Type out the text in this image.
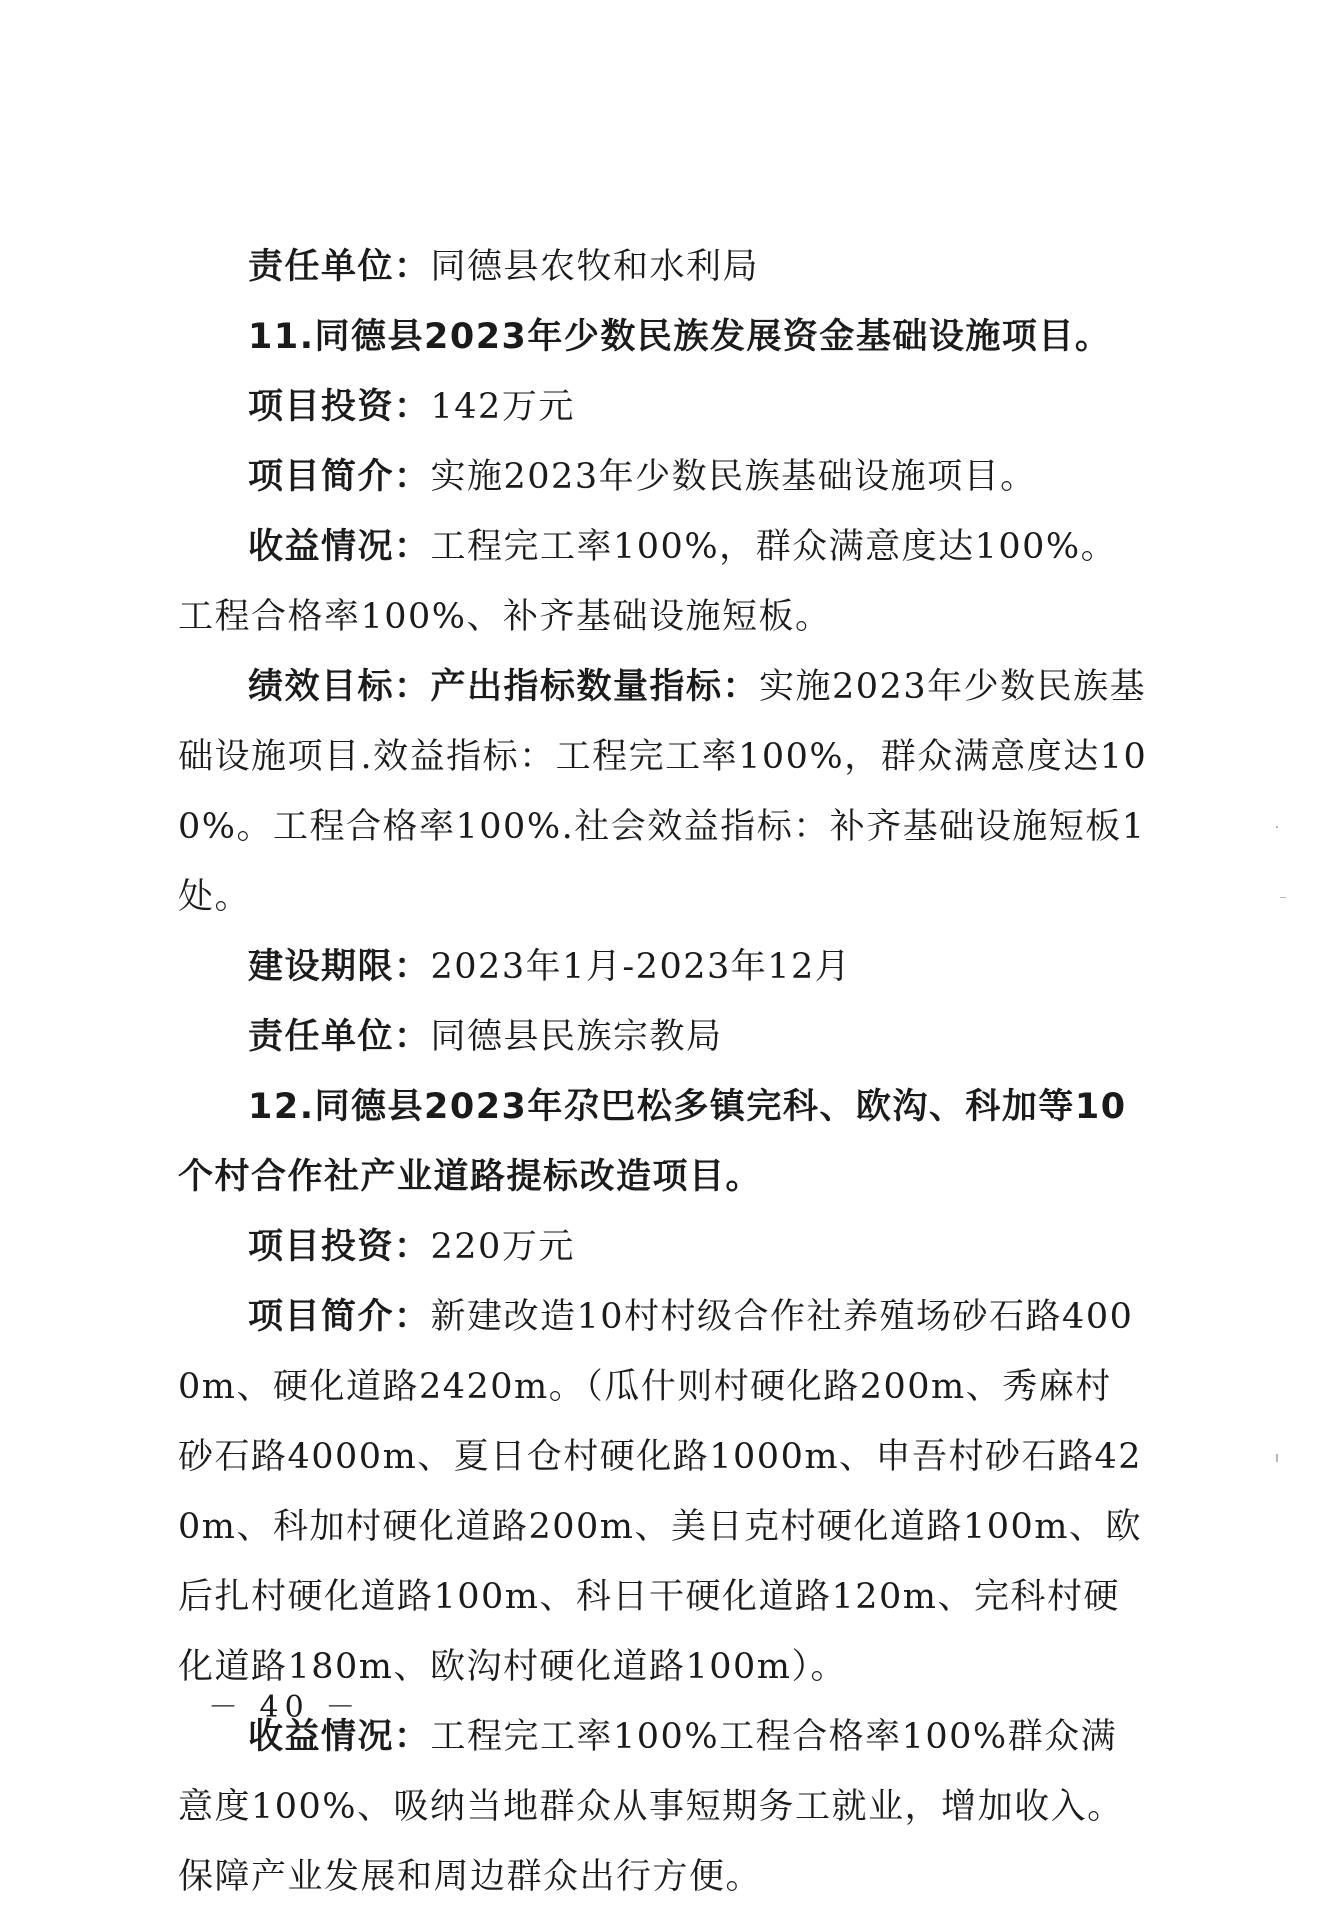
责任单位：同德县农牧和水利局

11.同德县2023年少数民族发展资金基础设施项目。

项目投资：142万元

项目简介：实施2023年少数民族基础设施项目。

收益情况：工程完工率100%，群众满意度达100%。工程合格率100%、补齐基础设施短板。

绩效目标：产出指标数量指标：实施2023年少数民族基础设施项目.效益指标：工程完工率100%，群众满意度达100%。工程合格率100%.社会效益指标：补齐基础设施短板1处。

建设期限：2023年1月-2023年12月

责任单位：同德县民族宗教局

12.同德县2023年尕巴松多镇完科、欧沟、科加等10个村合作社产业道路提标改造项目。

项目投资：220万元

项目简介：新建改造10村村级合作社养殖场砂石路4000m、硬化道路2420m。（瓜什则村硬化路200m、秀麻村砂石路4000m、夏日仓村硬化路1000m、申吾村砂石路420m、科加村硬化道路200m、美日克村硬化道路100m、欧后扎村硬化道路100m、科日干硬化道路120m、完科村硬化道路180m、欧沟村硬化道路100m）。

收益情况：工程完工率100%工程合格率100%群众满意度100%、吸纳当地群众从事短期务工就业，增加收入。保障产业发展和周边群众出行方便。

－ 40 －
